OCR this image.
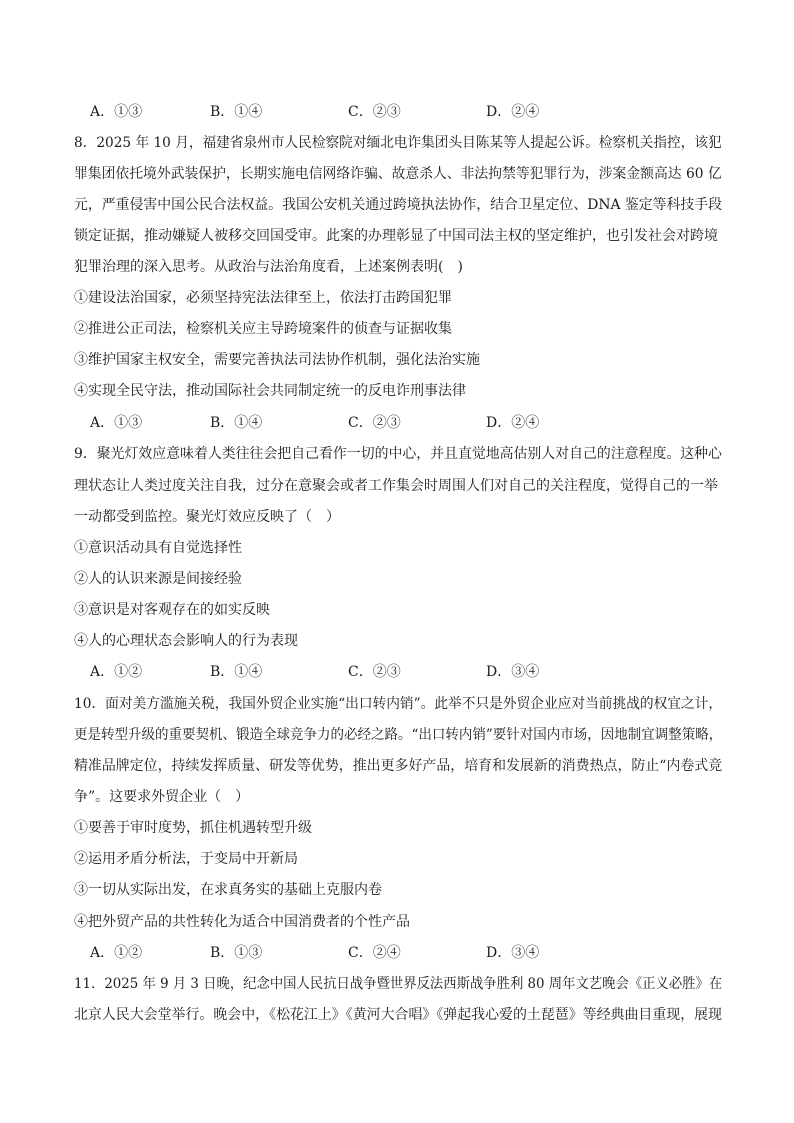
A．①③	B．①④	C．②③	D．②④
8．2025 年 10 月，福建省泉州市人民检察院对缅北电诈集团头目陈某等人提起公诉。检察机关指控，该犯
罪集团依托境外武装保护，长期实施电信网络诈骗、故意杀人、非法拘禁等犯罪行为，涉案金额高达 60 亿
元，严重侵害中国公民合法权益。我国公安机关通过跨境执法协作，结合卫星定位、DNA 鉴定等科技手段
锁定证据，推动嫌疑人被移交回国受审。此案的办理彰显了中国司法主权的坚定维护，也引发社会对跨境
犯罪治理的深入思考。从政治与法治角度看，上述案例表明(　)
①建设法治国家，必须坚持宪法法律至上，依法打击跨国犯罪
②推进公正司法，检察机关应主导跨境案件的侦查与证据收集
③维护国家主权安全，需要完善执法司法协作机制，强化法治实施
④实现全民守法，推动国际社会共同制定统一的反电诈刑事法律
A．①③	B．①④	C．②③	D．②④
9．聚光灯效应意味着人类往往会把自己看作一切的中心，并且直觉地高估别人对自己的注意程度。这种心
理状态让人类过度关注自我，过分在意聚会或者工作集会时周围人们对自己的关注程度，觉得自己的一举
一动都受到监控。聚光灯效应反映了（　）
①意识活动具有自觉选择性
②人的认识来源是间接经验
③意识是对客观存在的如实反映
④人的心理状态会影响人的行为表现
A．①②	B．①④	C．②③	D．③④
10．面对美方滥施关税，我国外贸企业实施“出口转内销”。此举不只是外贸企业应对当前挑战的权宜之计，
更是转型升级的重要契机、锻造全球竞争力的必经之路。“出口转内销”要针对国内市场，因地制宜调整策略，
精准品牌定位，持续发挥质量、研发等优势，推出更多好产品，培育和发展新的消费热点，防止“内卷式竞
争”。这要求外贸企业（　）
①要善于审时度势，抓住机遇转型升级
②运用矛盾分析法，于变局中开新局
③一切从实际出发，在求真务实的基础上克服内卷
④把外贸产品的共性转化为适合中国消费者的个性产品
A．①②	B．①③	C．②④	D．③④
11．2025 年 9 月 3 日晚，纪念中国人民抗日战争暨世界反法西斯战争胜利 80 周年文艺晚会《正义必胜》在
北京人民大会堂举行。晚会中，《松花江上》《黄河大合唱》《弹起我心爱的土琵琶》等经典曲目重现，展现
